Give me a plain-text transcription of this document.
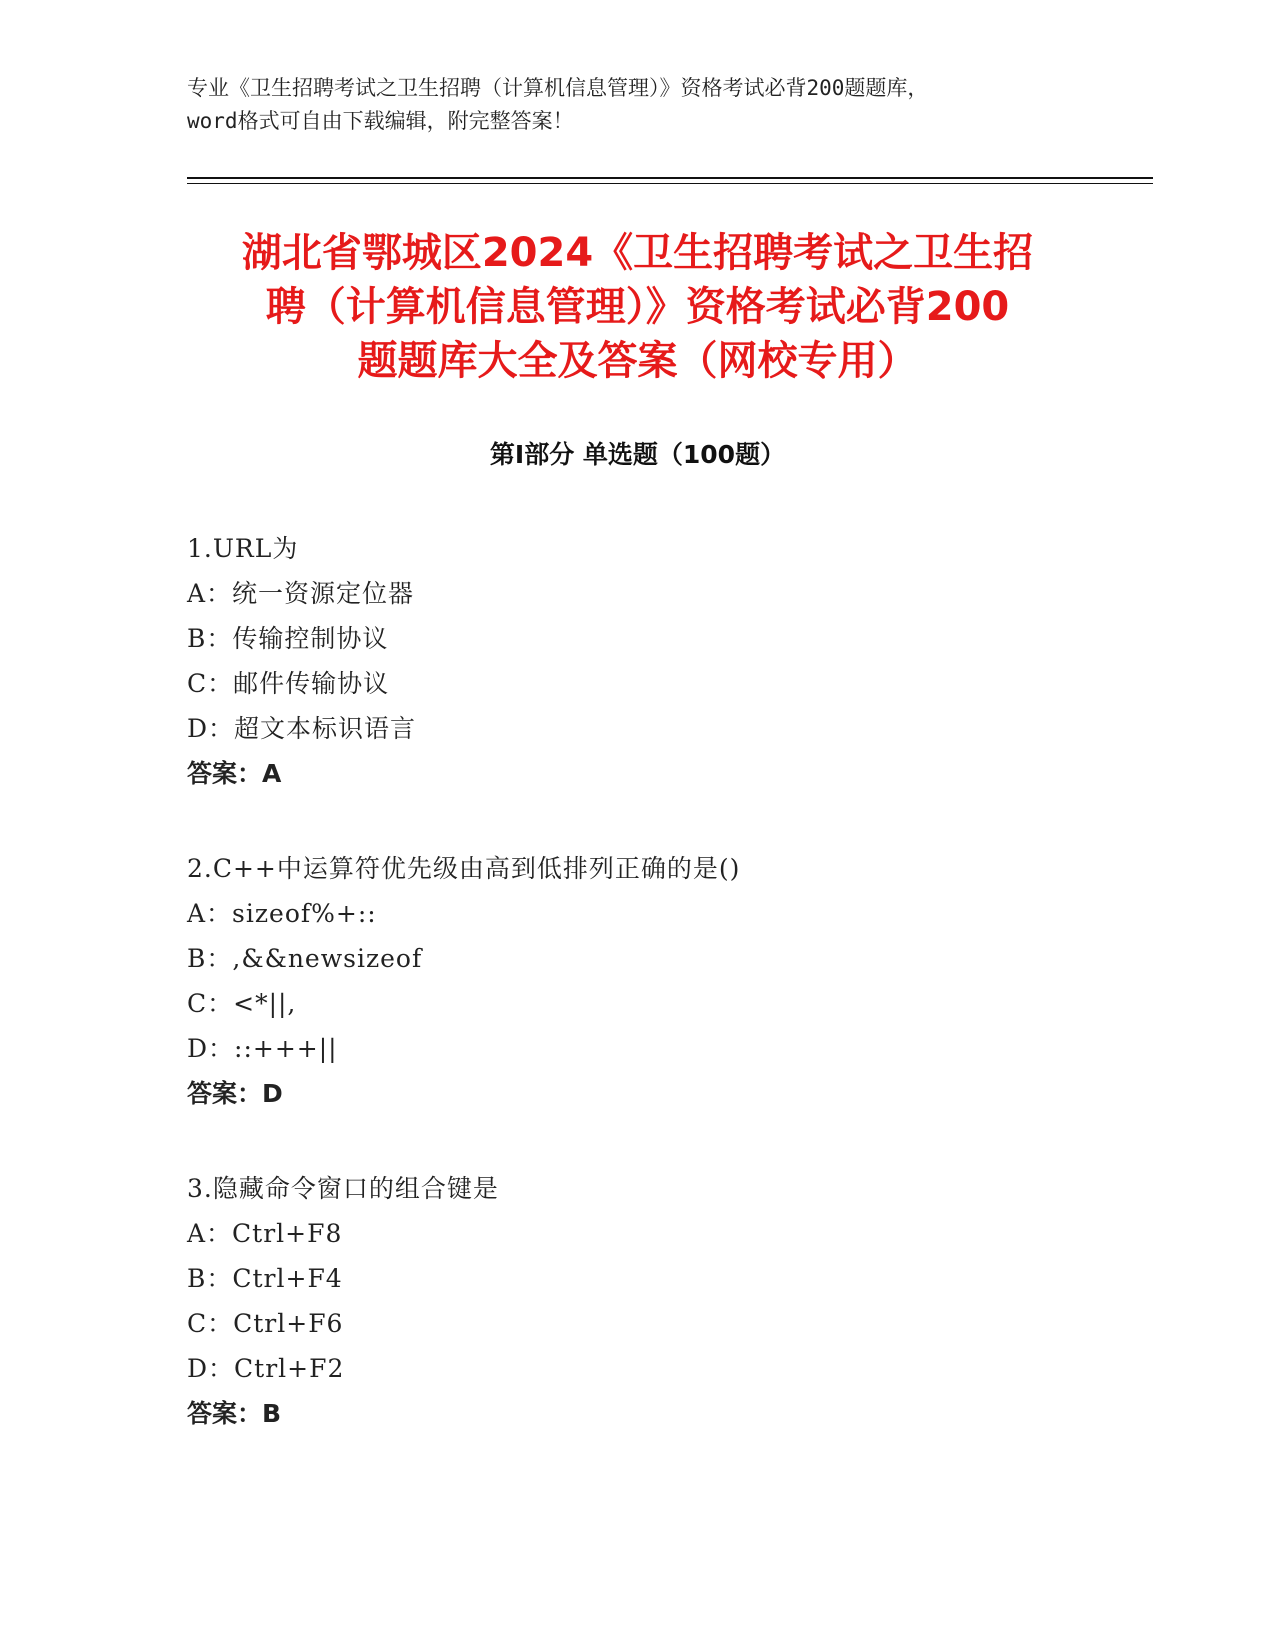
专业《卫生招聘考试之卫生招聘（计算机信息管理）》资格考试必背200题题库，
word格式可自由下载编辑，附完整答案！
湖北省鄂城区2024《卫生招聘考试之卫生招
聘（计算机信息管理）》资格考试必背200
题题库大全及答案（网校专用）
第Ⅰ部分 单选题（100题）
1.URL为
A：统一资源定位器
B：传输控制协议
C：邮件传输协议
D：超文本标识语言
答案：A
2.C++中运算符优先级由高到低排列正确的是()
A：sizeof%+::
B：,&&newsizeof
C：<*||,
D：::+++||
答案：D
3.隐藏命令窗口的组合键是
A：Ctrl+F8
B：Ctrl+F4
C：Ctrl+F6
D：Ctrl+F2
答案：B
